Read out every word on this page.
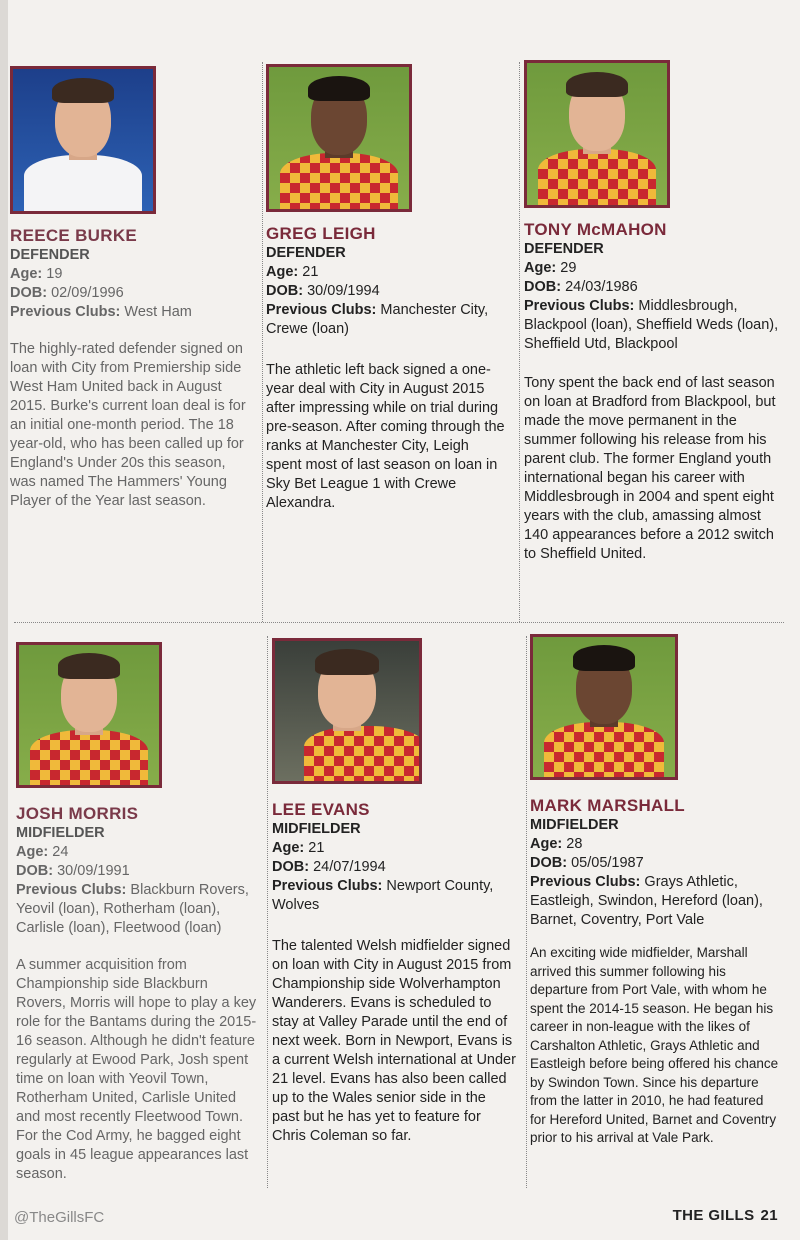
REECE BURKE
DEFENDER
Age: 19
DOB: 02/09/1996
Previous Clubs: West Ham
The highly-rated defender signed on loan with City from Premiership side West Ham United back in August 2015. Burke's current loan deal is for an initial one-month period. The 18 year-old, who has been called up for England's Under 20s this season, was named The Hammers' Young Player of the Year last season.
GREG LEIGH
DEFENDER
Age: 21
DOB: 30/09/1994
Previous Clubs: Manchester City, Crewe (loan)
The athletic left back signed a one-year deal with City in August 2015 after impressing while on trial during pre-season. After coming through the ranks at Manchester City, Leigh spent most of last season on loan in Sky Bet League 1 with Crewe Alexandra.
TONY McMAHON
DEFENDER
Age: 29
DOB: 24/03/1986
Previous Clubs: Middlesbrough, Blackpool (loan), Sheffield Weds (loan), Sheffield Utd, Blackpool
Tony spent the back end of last season on loan at Bradford from Blackpool, but made the move permanent in the summer following his release from his parent club. The former England youth international began his career with Middlesbrough in 2004 and spent eight years with the club, amassing almost 140 appearances before a 2012 switch to Sheffield United.
JOSH MORRIS
MIDFIELDER
Age: 24
DOB: 30/09/1991
Previous Clubs: Blackburn Rovers, Yeovil (loan), Rotherham (loan), Carlisle (loan), Fleetwood (loan)
A summer acquisition from Championship side Blackburn Rovers, Morris will hope to play a key role for the Bantams during the 2015-16 season. Although he didn't feature regularly at Ewood Park, Josh spent time on loan with Yeovil Town, Rotherham United, Carlisle United and most recently Fleetwood Town. For the Cod Army, he bagged eight goals in 45 league appearances last season.
LEE EVANS
MIDFIELDER
Age: 21
DOB: 24/07/1994
Previous Clubs: Newport County, Wolves
The talented Welsh midfielder signed on loan with City in August 2015 from Championship side Wolverhampton Wanderers. Evans is scheduled to stay at Valley Parade until the end of next week. Born in Newport, Evans is a current Welsh international at Under 21 level. Evans has also been called up to the Wales senior side in the past but he has yet to feature for Chris Coleman so far.
MARK MARSHALL
MIDFIELDER
Age: 28
DOB: 05/05/1987
Previous Clubs: Grays Athletic, Eastleigh, Swindon, Hereford (loan), Barnet, Coventry, Port Vale
An exciting wide midfielder, Marshall arrived this summer following his departure from Port Vale, with whom he spent the 2014-15 season. He began his career in non-league with the likes of Carshalton Athletic, Grays Athletic and Eastleigh before being offered his chance by Swindon Town. Since his departure from the latter in 2010, he had featured for Hereford United, Barnet and Coventry prior to his arrival at Vale Park.
@TheGillsFC	THE GILLS 21
